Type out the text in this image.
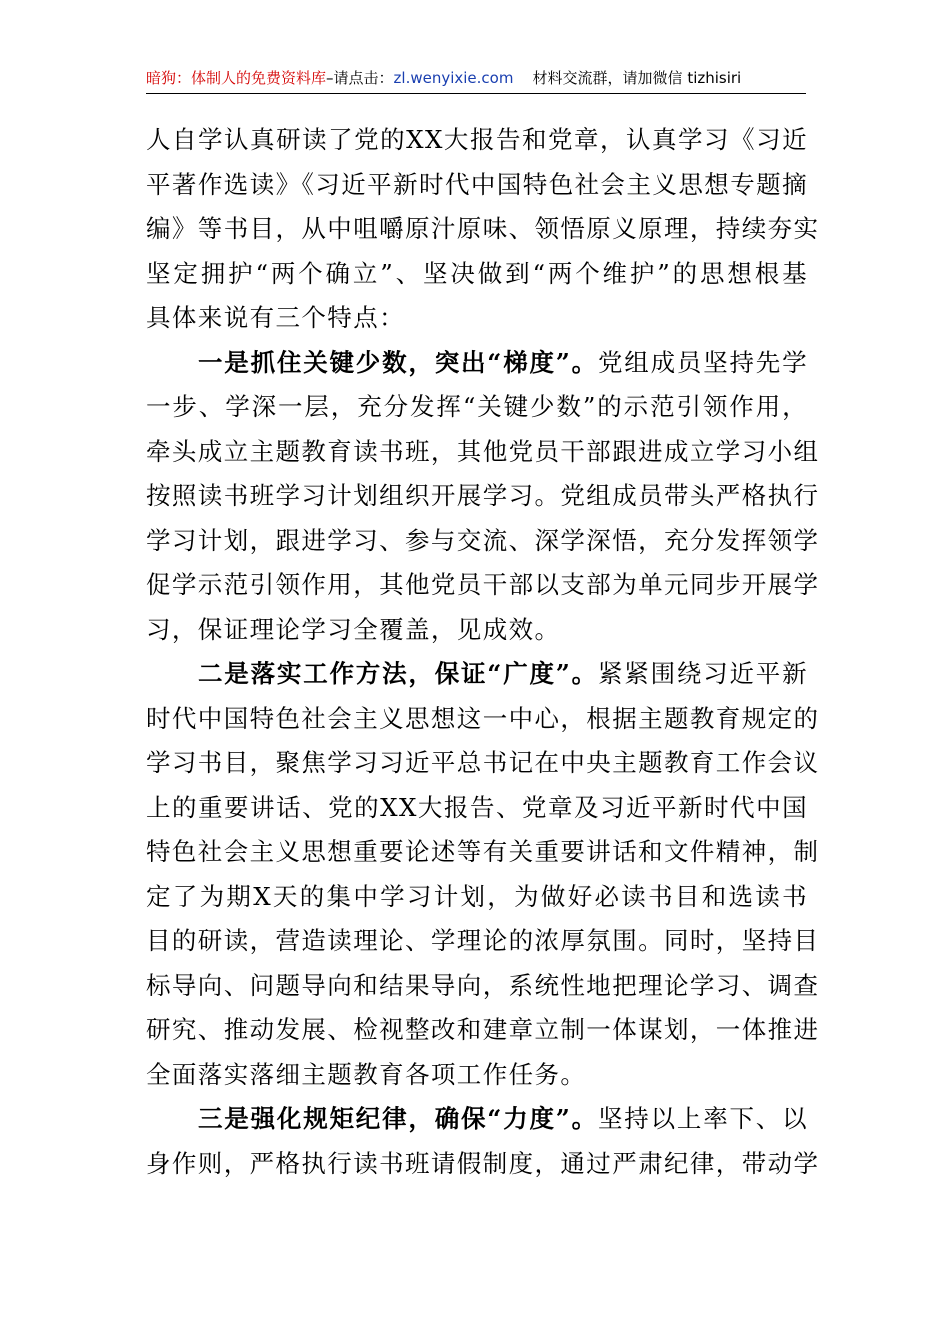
暗狗：体制人的免费资料库–请点击：zl.wenyixie.com 材料交流群，请加微信 tizhisiri
人自学认真研读了党的XX大报告和党章，认真学习《习近
平著作选读》《习近平新时代中国特色社会主义思想专题摘
编》等书目，从中咀嚼原汁原味、领悟原义原理，持续夯实
坚定拥护“两个确立”、坚决做到“两个维护”的思想根基
具体来说有三个特点：
一是抓住关键少数，突出“梯度”。党组成员坚持先学
一步、学深一层，充分发挥“关键少数”的示范引领作用，
牵头成立主题教育读书班，其他党员干部跟进成立学习小组
按照读书班学习计划组织开展学习。党组成员带头严格执行
学习计划，跟进学习、参与交流、深学深悟，充分发挥领学
促学示范引领作用，其他党员干部以支部为单元同步开展学
习，保证理论学习全覆盖，见成效。
二是落实工作方法，保证“广度”。紧紧围绕习近平新
时代中国特色社会主义思想这一中心，根据主题教育规定的
学习书目，聚焦学习习近平总书记在中央主题教育工作会议
上的重要讲话、党的XX大报告、党章及习近平新时代中国
特色社会主义思想重要论述等有关重要讲话和文件精神，制
定了为期X天的集中学习计划，为做好必读书目和选读书
目的研读，营造读理论、学理论的浓厚氛围。同时，坚持目
标导向、问题导向和结果导向，系统性地把理论学习、调查
研究、推动发展、检视整改和建章立制一体谋划，一体推进
全面落实落细主题教育各项工作任务。
三是强化规矩纪律，确保“力度”。坚持以上率下、以
身作则，严格执行读书班请假制度，通过严肃纪律，带动学
